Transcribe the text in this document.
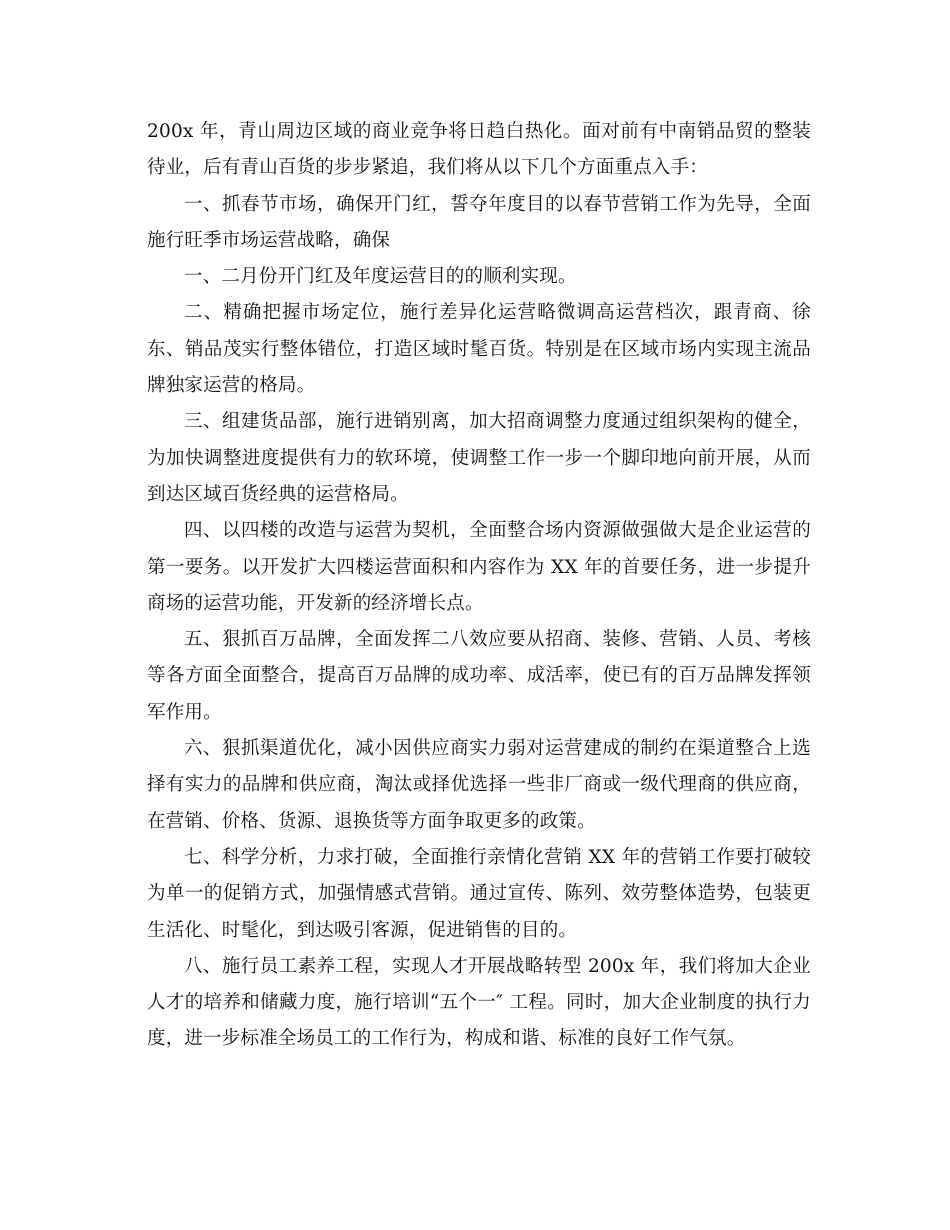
200x 年，青山周边区域的商业竞争将日趋白热化。面对前有中南销品贸的整装待业，后有青山百货的步步紧追，我们将从以下几个方面重点入手：

一、抓春节市场，确保开门红，誓夺年度目的以春节营销工作为先导，全面施行旺季市场运营战略，确保

一、二月份开门红及年度运营目的的顺利实现。

二、精确把握市场定位，施行差异化运营略微调高运营档次，跟青商、徐东、销品茂实行整体错位，打造区域时髦百货。特别是在区域市场内实现主流品牌独家运营的格局。

三、组建货品部，施行进销别离，加大招商调整力度通过组织架构的健全，为加快调整进度提供有力的软环境，使调整工作一步一个脚印地向前开展，从而到达区域百货经典的运营格局。

四、以四楼的改造与运营为契机，全面整合场内资源做强做大是企业运营的第一要务。以开发扩大四楼运营面积和内容作为 XX 年的首要任务，进一步提升商场的运营功能，开发新的经济增长点。

五、狠抓百万品牌，全面发挥二八效应要从招商、装修、营销、人员、考核等各方面全面整合，提高百万品牌的成功率、成活率，使已有的百万品牌发挥领军作用。

六、狠抓渠道优化，减小因供应商实力弱对运营建成的制约在渠道整合上选择有实力的品牌和供应商，淘汰或择优选择一些非厂商或一级代理商的供应商，在营销、价格、货源、退换货等方面争取更多的政策。

七、科学分析，力求打破，全面推行亲情化营销 XX 年的营销工作要打破较为单一的促销方式，加强情感式营销。通过宣传、陈列、效劳整体造势，包装更生活化、时髦化，到达吸引客源，促进销售的目的。

八、施行员工素养工程，实现人才开展战略转型 200x 年，我们将加大企业人才的培养和储藏力度，施行培训“五个一″ 工程。同时，加大企业制度的执行力度，进一步标准全场员工的工作行为，构成和谐、标准的良好工作气氛。
